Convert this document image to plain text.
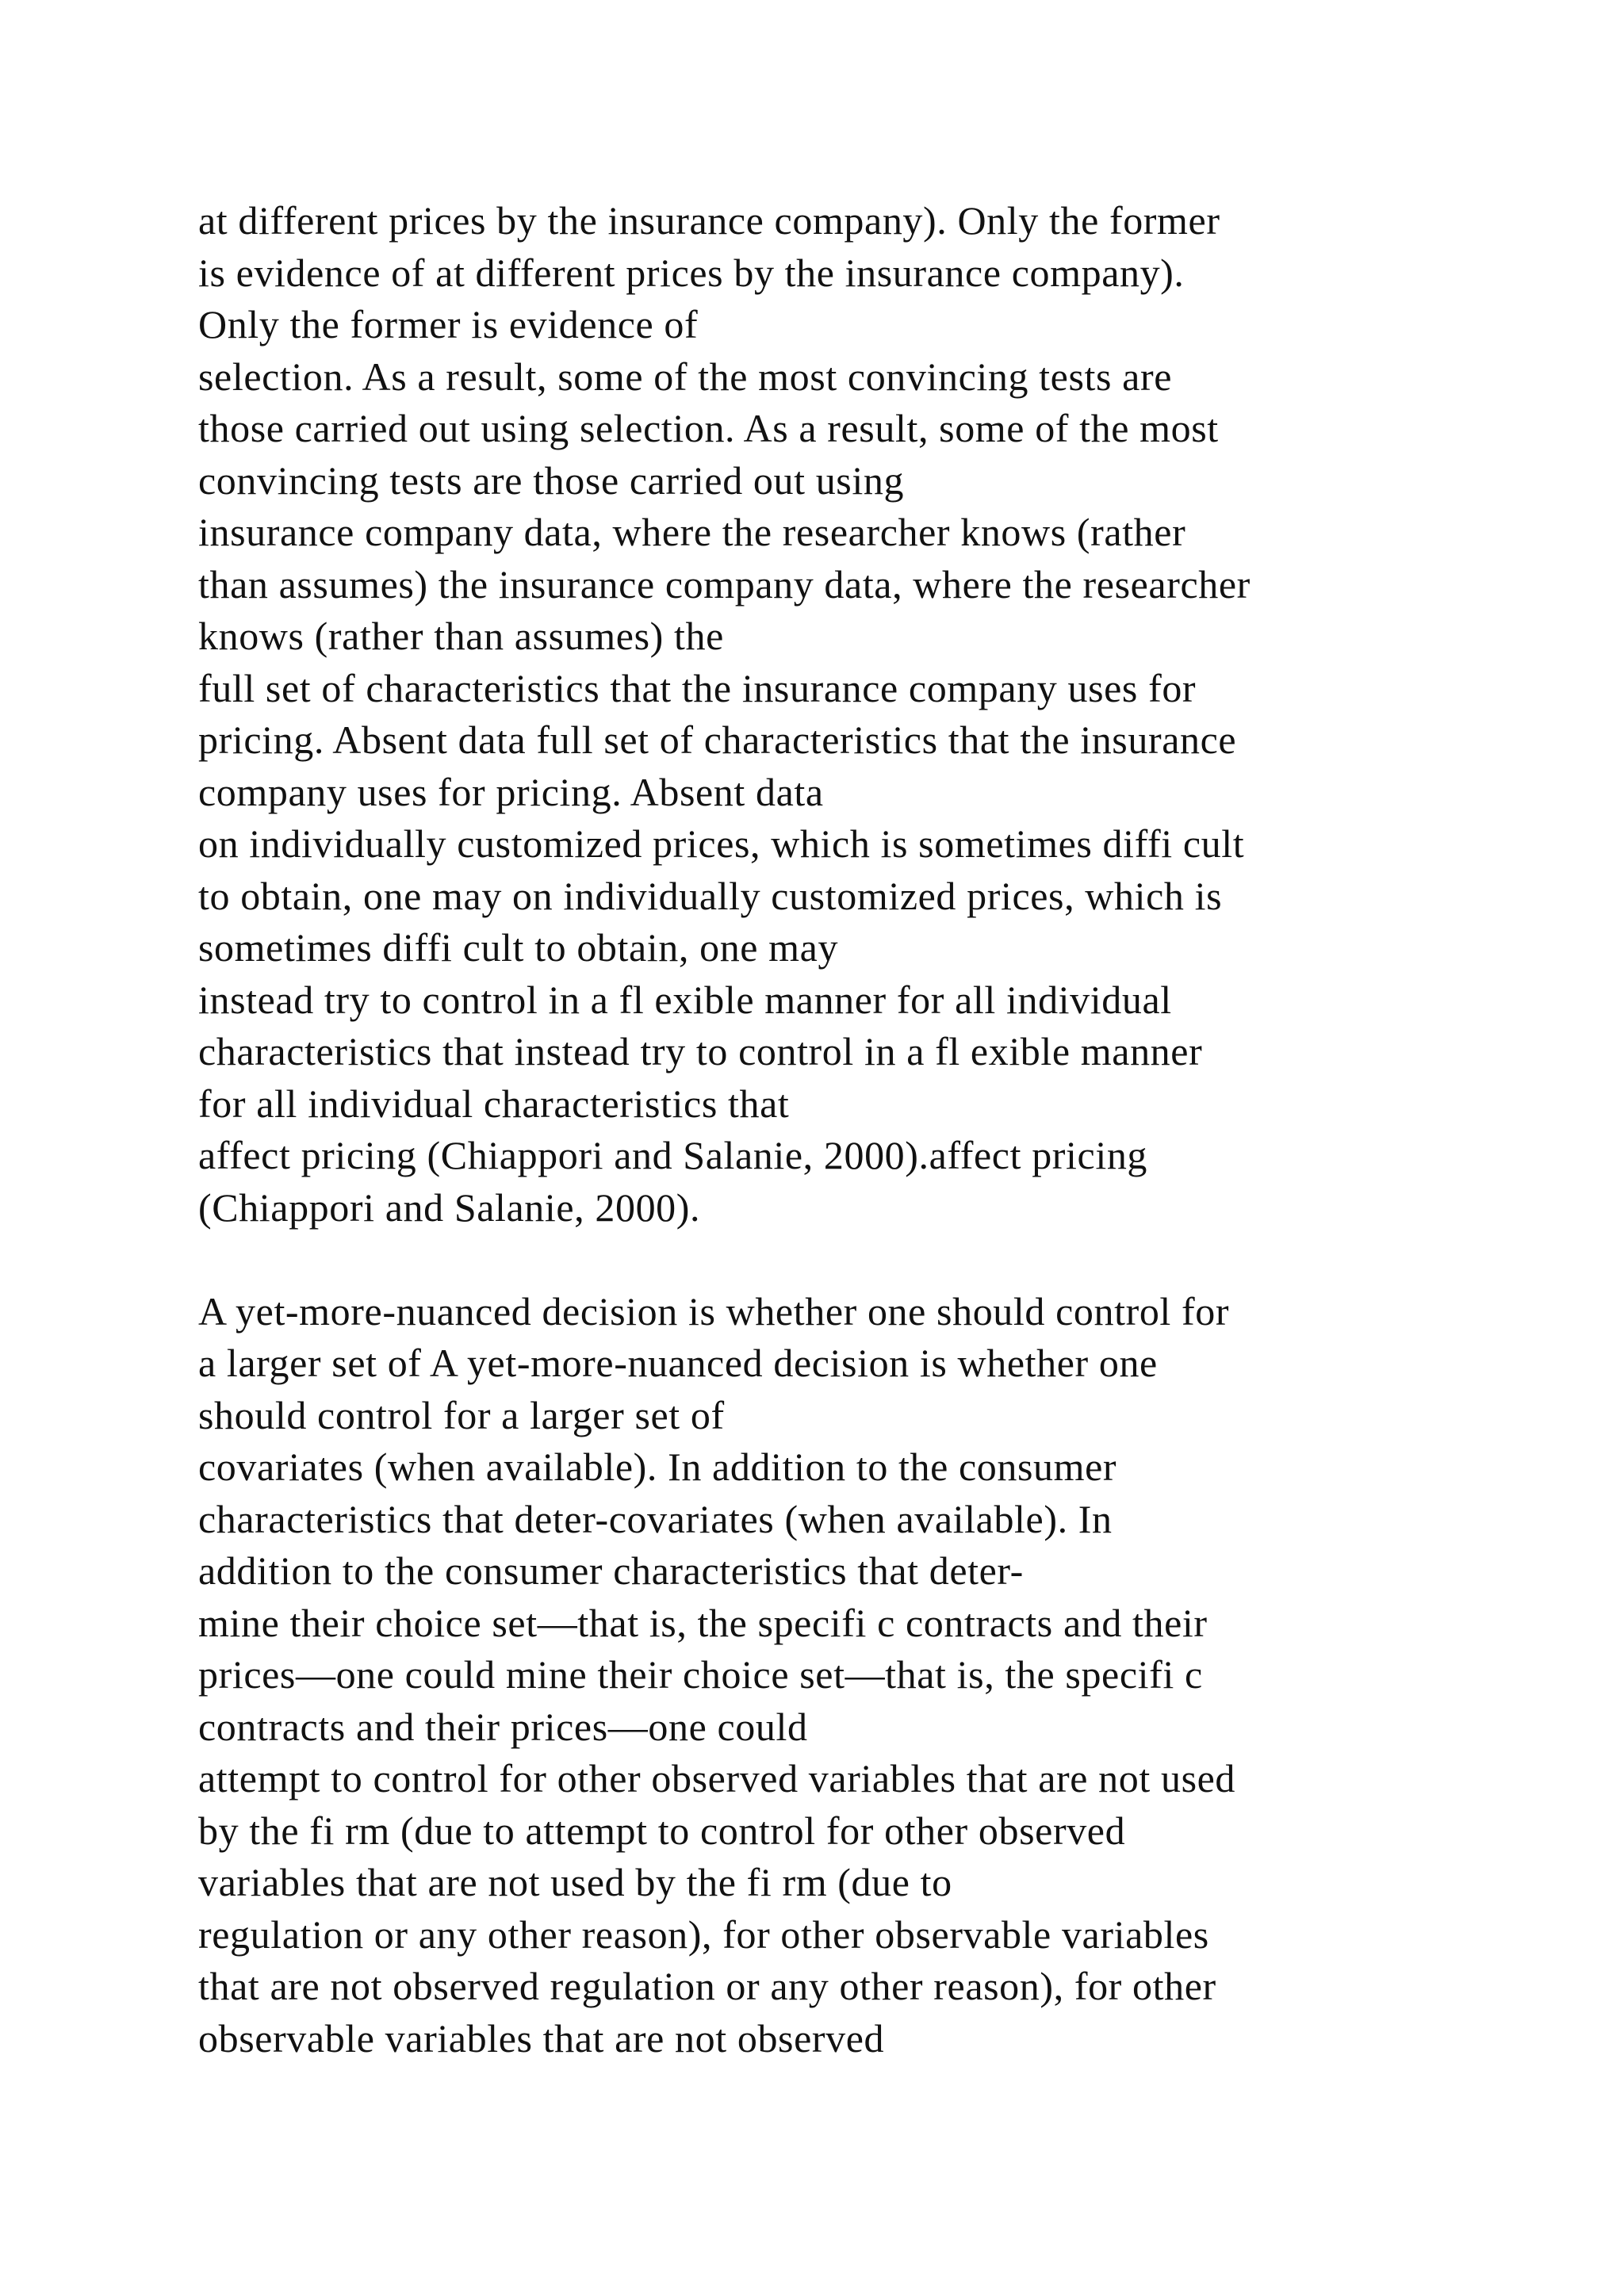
at different prices by the insurance company). Only the former
is evidence of at different prices by the insurance company).
Only the former is evidence of
selection. As a result, some of the most convincing tests are
those carried out using selection. As a result, some of the most
convincing tests are those carried out using
insurance company data, where the researcher knows (rather
than assumes) the insurance company data, where the researcher
knows (rather than assumes) the
full set of characteristics that the insurance company uses for
pricing. Absent data full set of characteristics that the insurance
company uses for pricing. Absent data
on individually customized prices, which is sometimes diffi cult
to obtain, one may on individually customized prices, which is
sometimes diffi cult to obtain, one may
instead try to control in a fl exible manner for all individual
characteristics that instead try to control in a fl exible manner
for all individual characteristics that
affect pricing (Chiappori and Salanie, 2000).affect pricing
(Chiappori and Salanie, 2000).

A yet-more-nuanced decision is whether one should control for
a larger set of A yet-more-nuanced decision is whether one
should control for a larger set of
covariates (when available). In addition to the consumer
characteristics that deter-covariates (when available). In
addition to the consumer characteristics that deter-
mine their choice set—that is, the specifi c contracts and their
prices—one could mine their choice set—that is, the specifi c
contracts and their prices—one could
attempt to control for other observed variables that are not used
by the fi rm (due to attempt to control for other observed
variables that are not used by the fi rm (due to
regulation or any other reason), for other observable variables
that are not observed regulation or any other reason), for other
observable variables that are not observed
